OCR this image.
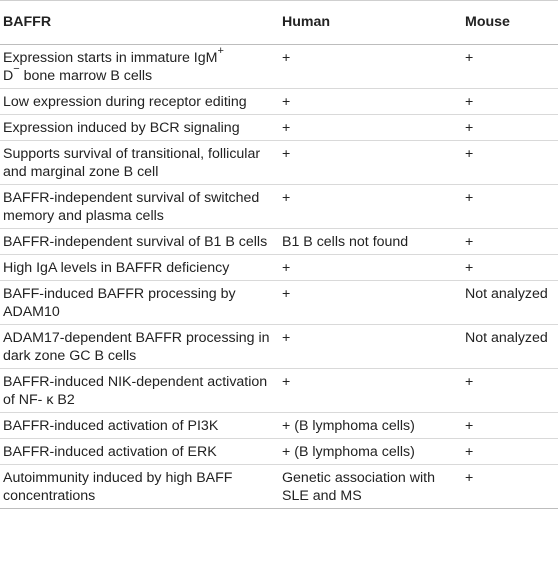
BAFFR	Human	Mouse
Expression starts in immature IgM+
D− bone marrow B cells	+	+
Low expression during receptor editing	+	+
Expression induced by BCR signaling	+	+
Supports survival of transitional, follicular and marginal zone B cell	+	+
BAFFR-independent survival of switched memory and plasma cells	+	+
BAFFR-independent survival of B1 B cells	B1 B cells not found	+
High IgA levels in BAFFR deficiency	+	+
BAFF-induced BAFFR processing by ADAM10	+	Not analyzed
ADAM17-dependent BAFFR processing in dark zone GC B cells	+	Not analyzed
BAFFR-induced NIK-dependent activation of NF- κ B2	+	+
BAFFR-induced activation of PI3K	+ (B lymphoma cells)	+
BAFFR-induced activation of ERK	+ (B lymphoma cells)	+
Autoimmunity induced by high BAFF concentrations	Genetic association with SLE and MS	+
